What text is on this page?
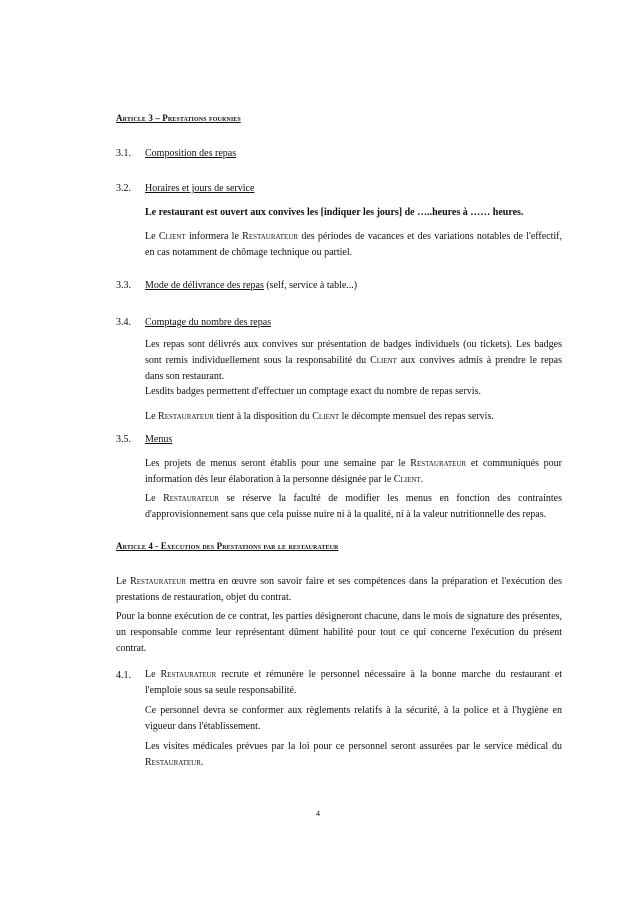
Article 3 – Prestations fournies
3.1. Composition des repas
3.2. Horaires et jours de service
Le restaurant est ouvert aux convives les [indiquer les jours] de …..heures à …… heures.
Le Client informera le Restaurateur des périodes de vacances et des variations notables de l'effectif, en cas notamment de chômage technique ou partiel.
3.3. Mode de délivrance des repas (self, service à table...)
3.4. Comptage du nombre des repas
Les repas sont délivrés aux convives sur présentation de badges individuels (ou tickets). Les badges sont remis individuellement sous la responsabilité du Client aux convives admis à prendre le repas dans son restaurant.
Lesdits badges permettent d'effectuer un comptage exact du nombre de repas servis.
Le Restaurateur tient à la disposition du Client le décompte mensuel des repas servis.
3.5. Menus
Les projets de menus seront établis pour une semaine par le Restaurateur et communiqués pour information dès leur élaboration à la personne désignée par le Client.
Le Restaurateur se réserve la faculté de modifier les menus en fonction des contraintes d'approvisionnement sans que cela puisse nuire ni à la qualité, ni à la valeur nutritionnelle des repas.
Article 4 - Execution des Prestations par le restaurateur
Le Restaurateur mettra en œuvre son savoir faire et ses compétences dans la préparation et l'exécution des prestations de restauration, objet du contrat.
Pour la bonne exécution de ce contrat, les parties désigneront chacune, dans le mois de signature des présentes, un responsable comme leur représentant dûment habilité pour tout ce qui concerne l'exécution du présent contrat.
4.1. Le Restaurateur recrute et rémunère le personnel nécessaire à la bonne marche du restaurant et l'emploie sous sa seule responsabilité.
Ce personnel devra se conformer aux règlements relatifs à la sécurité, à la police et à l'hygiène en vigueur dans l'établissement.
Les visites médicales prévues par la loi pour ce personnel seront assurées par le service médical du Restaurateur.
4
